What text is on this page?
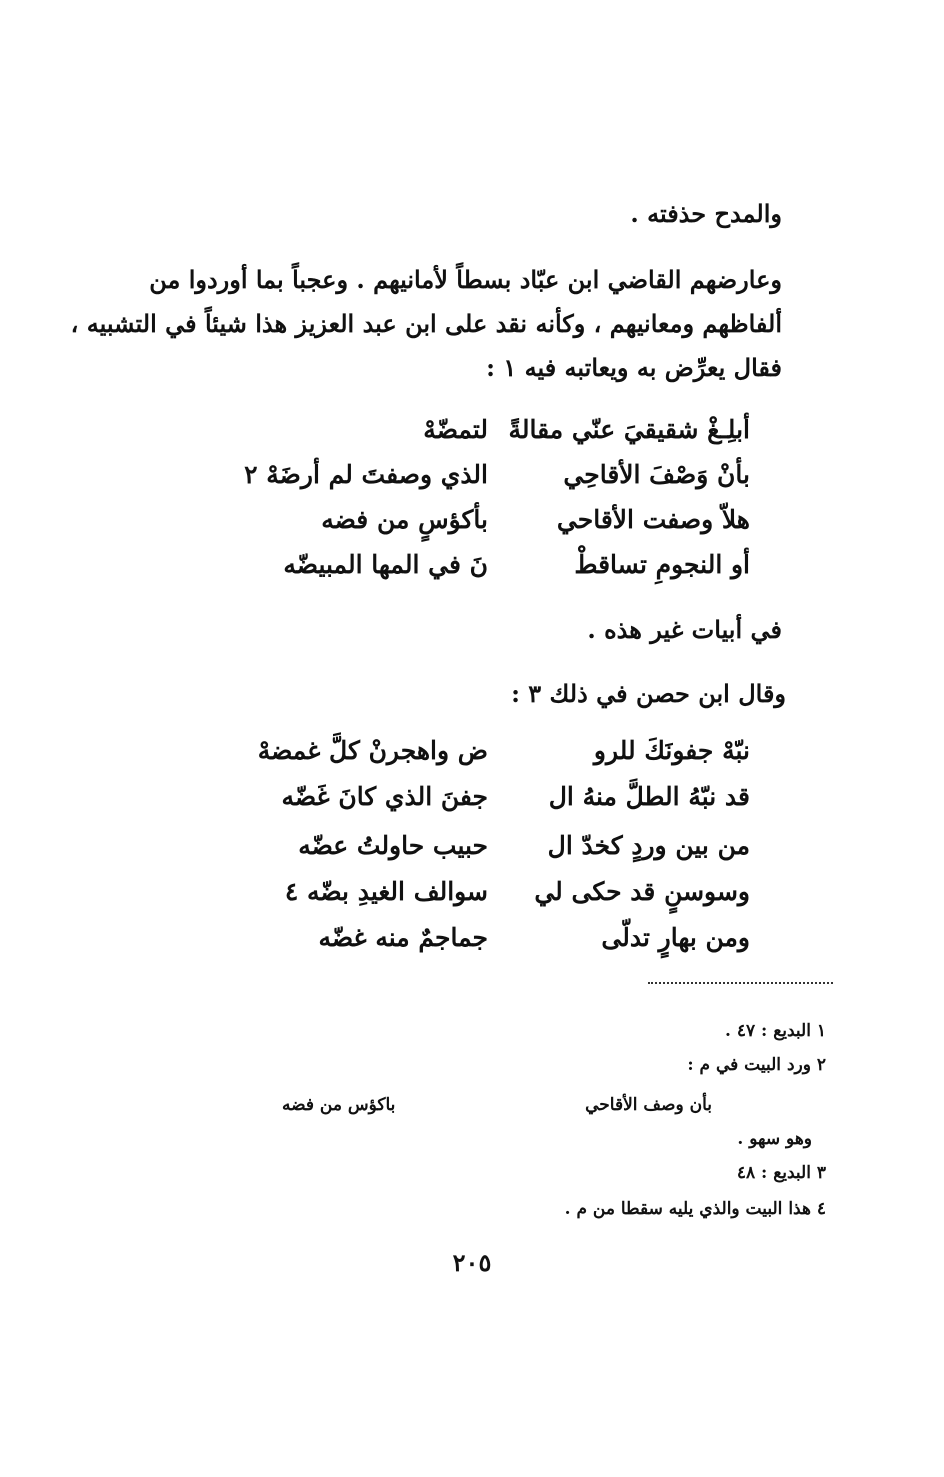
والمدح حذفته .
وعارضهم القاضي ابن عبّاد بسطاً لأمانيهم . وعجباً بما أوردوا من
ألفاظهم ومعانيهم ، وكأنه نقد على ابن عبد العزيز هذا شيئاً في التشبيه ،
فقال يعرِّض به ويعاتبه فيه ١ :
أبلِـغْ شقيقيَ عنّي مقالةً
لتمضّهْ
بأنْ وَصْفَ الأقاحِي
الذي وصفتَ لم أرضَهْ ٢
هلاّ وصفت الأقاحي
بأكؤسٍ من فضه
أو النجومِ تساقطْ
نَ في المها المبيضّه
في أبيات غير هذه .
وقال ابن حصن في ذلك ٣ :
نبّهْ جفونَكَ للرو
ض واهجرنْ كلَّ غمضهْ
قد نبّهُ الطلَّ منهُ ال
جفنَ الذي كانَ غَضّه
من بين وردٍ كخدّ ال
حبيب حاولتُ عضّه
وسوسنٍ قد حكى لي
سوالف الغيدِ بضّه ٤
ومن بهارٍ تدلّى
جماجمٌ منه غضّه
١ البديع : ٤٧ .
٢ ورد البيت في م :
بأن وصف الأقاحي
باكؤس من فضه
وهو سهو .
٣ البديع : ٤٨
٤ هذا البيت والذي يليه سقطا من م .
٢٠٥
